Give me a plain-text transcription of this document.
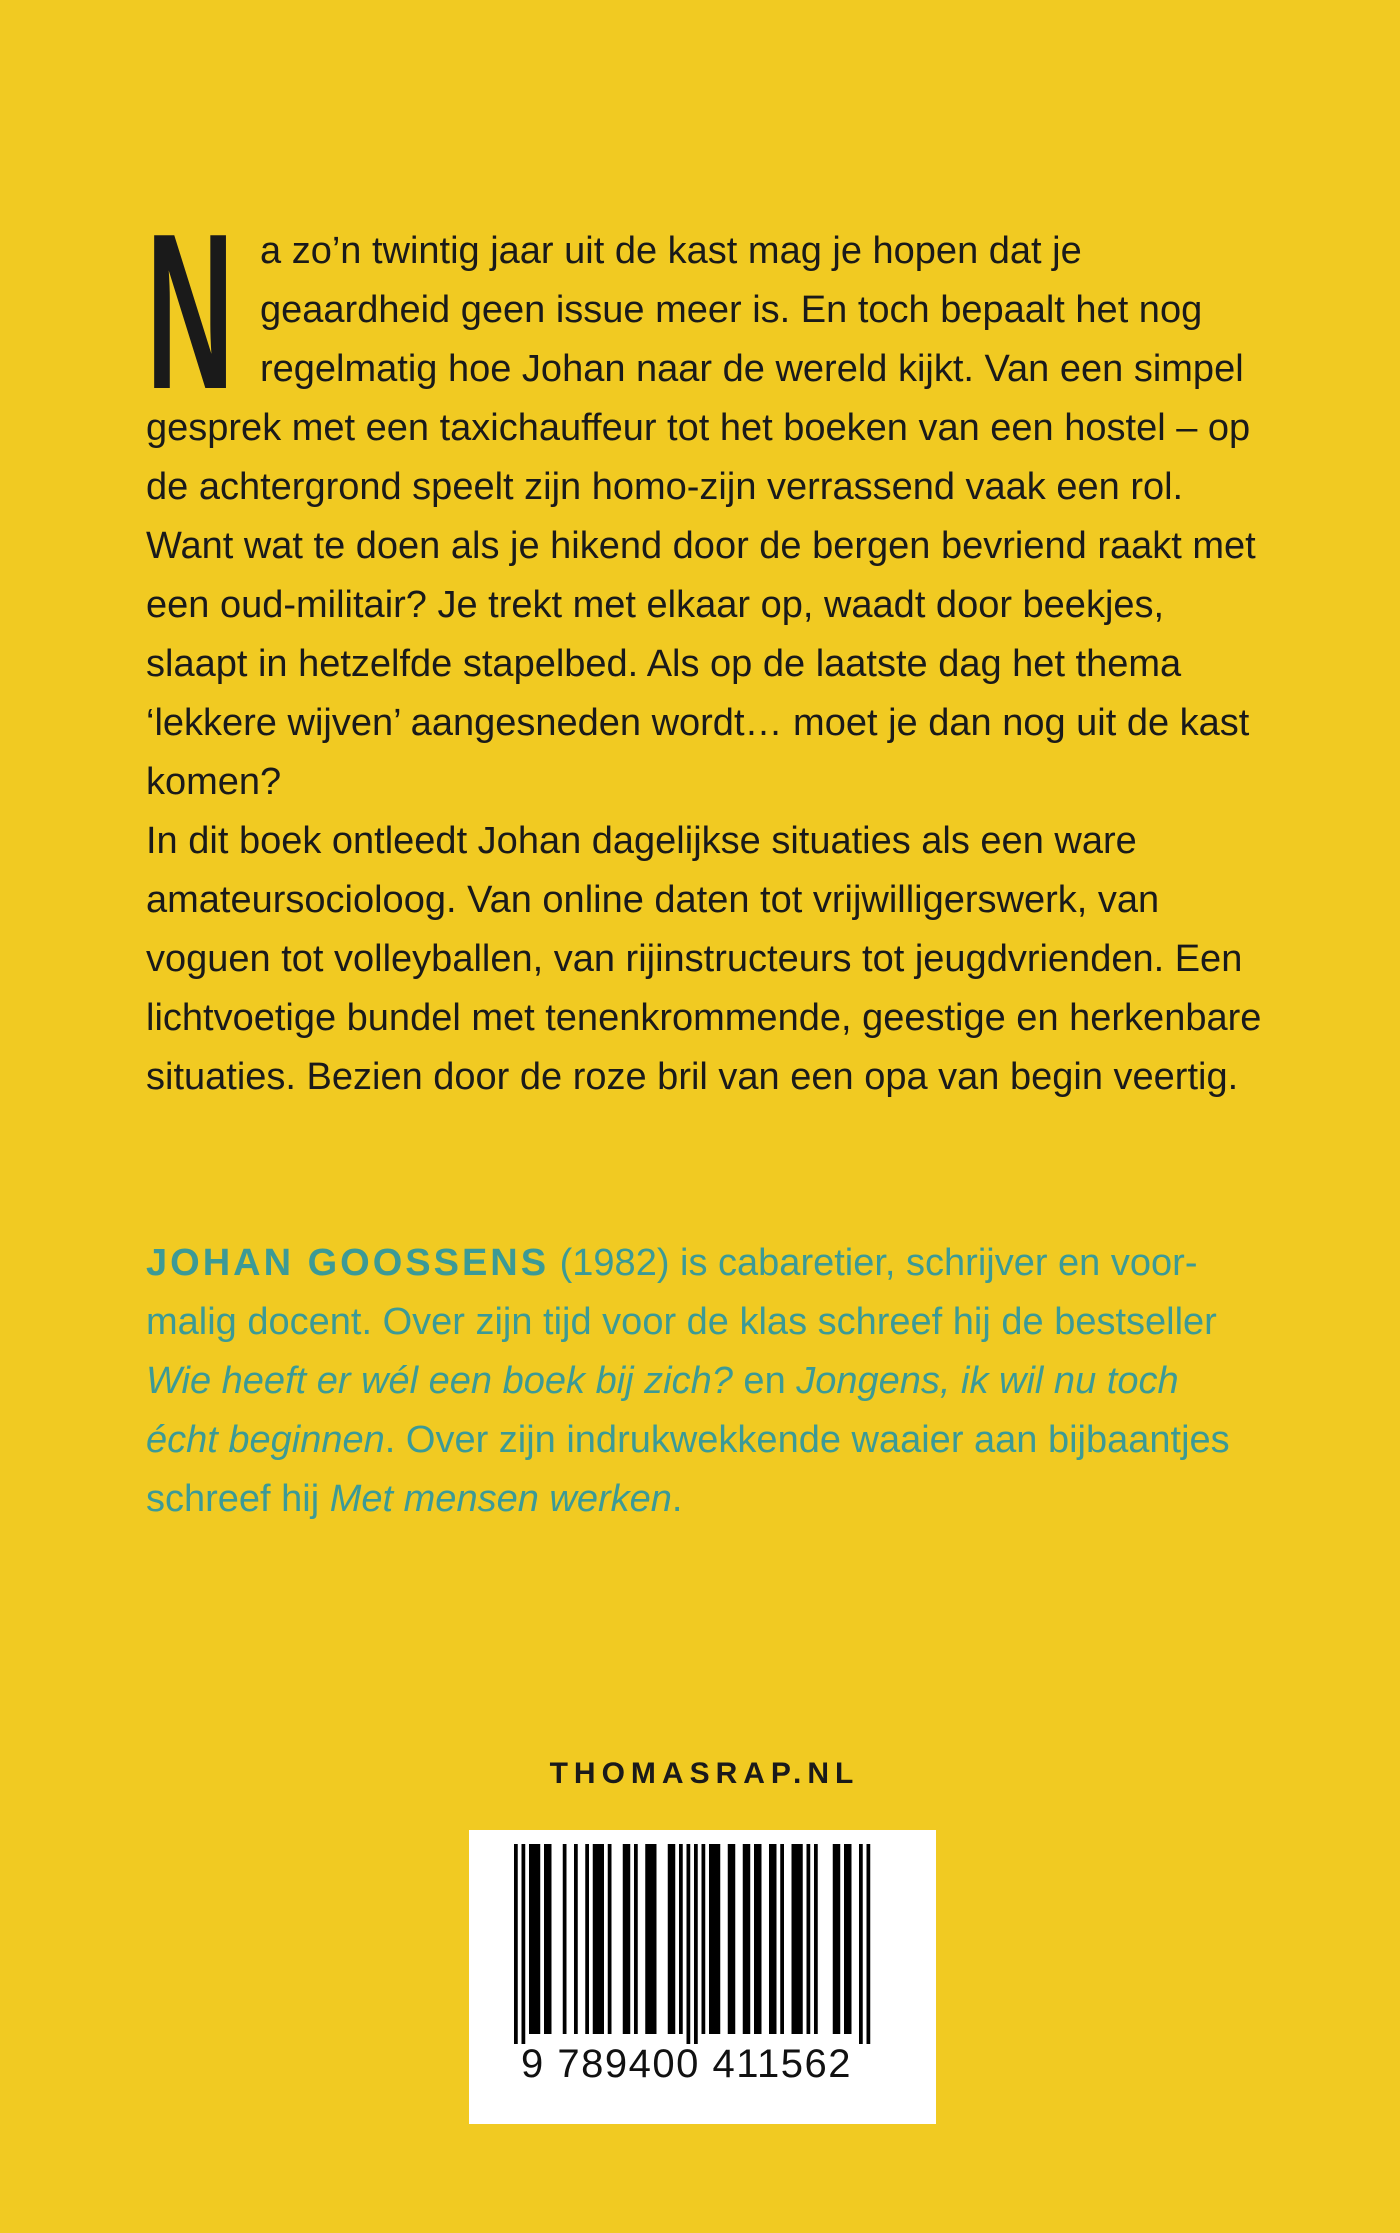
Na zo’n twintig jaar uit de kast mag je hopen dat je geaardheid geen issue meer is. En toch bepaalt het nog regelmatig hoe Johan naar de wereld kijkt. Van een simpel gesprek met een taxichauffeur tot het boeken van een hostel – op de achtergrond speelt zijn homo-zijn verrassend vaak een rol. Want wat te doen als je hikend door de bergen bevriend raakt met een oud-militair? Je trekt met elkaar op, waadt door beekjes, slaapt in hetzelfde stapelbed. Als op de laatste dag het thema ‘lekkere wijven’ aangesneden wordt… moet je dan nog uit de kast komen?

In dit boek ontleedt Johan dagelijkse situaties als een ware amateursocioloog. Van online daten tot vrijwilligerswerk, van voguen tot volleyballen, van rijinstructeurs tot jeugdvrienden. Een lichtvoetige bundel met tenenkrommende, geestige en herkenbare situaties. Bezien door de roze bril van een opa van begin veertig.

JOHAN GOOSSENS (1982) is cabaretier, schrijver en voormalig docent. Over zijn tijd voor de klas schreef hij de bestseller Wie heeft er wél een boek bij zich? en Jongens, ik wil nu toch écht beginnen. Over zijn indrukwekkende waaier aan bijbaantjes schreef hij Met mensen werken.

THOMASRAP.NL
9 789400 411562
